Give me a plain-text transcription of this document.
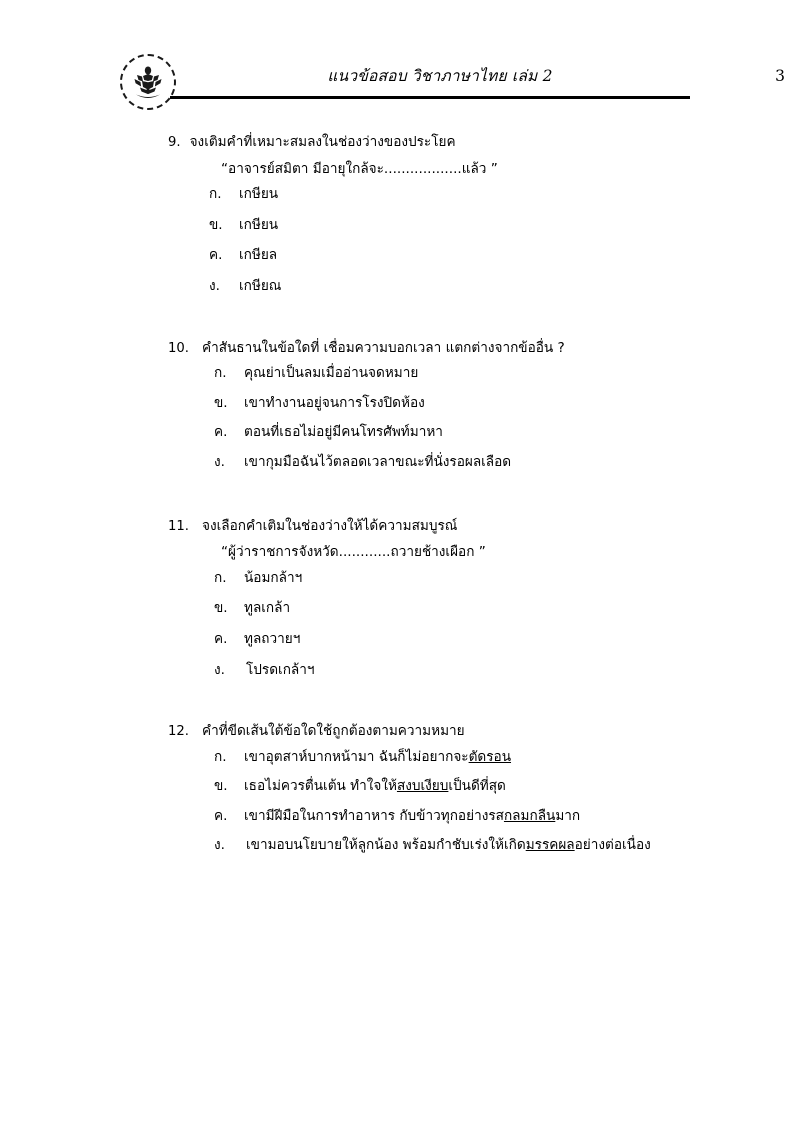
แนวข้อสอบ วิชาภาษาไทย เล่ม 2	3
9. จงเติมคำที่เหมาะสมลงในช่องว่างของประโยค
“อาจารย์สมิตา มีอายุใกล้จะ..................แล้ว ”
ก.	เกษียน
ข.	เกษียน
ค.	เกษียล
ง.	เกษียณ
10. คำสันธานในข้อใดที่ เชื่อมความบอกเวลา แตกต่างจากข้ออื่น ?
ก.	คุณย่าเป็นลมเมื่ออ่านจดหมาย
ข.	เขาทำงานอยู่จนการโรงปิดห้อง
ค.	ตอนที่เธอไม่อยู่มีคนโทรศัพท์มาหา
ง.	เขากุมมือฉันไว้ตลอดเวลาขณะที่นั่งรอผลเลือด
11. จงเลือกคำเติมในช่องว่างให้ได้ความสมบูรณ์
“ผู้ว่าราชการจังหวัด............ถวายช้างเผือก ”
ก.	น้อมกล้าฯ
ข.	ทูลเกล้า
ค.	ทูลถวายฯ
ง.	โปรดเกล้าฯ
12. คำที่ขีดเส้นใต้ข้อใดใช้ถูกต้องตามความหมาย
ก.	เขาอุตสาห์บากหน้ามา ฉันก็ไม่อยากจะตัดรอน
ข.	เธอไม่ควรตื่นเต้น ทำใจให้สงบเงียบเป็นดีที่สุด
ค.	เขามีฝีมือในการทำอาหาร กับข้าวทุกอย่างรสกลมกลืนมาก
ง.	เขามอบนโยบายให้ลูกน้อง พร้อมกำชับเร่งให้เกิดมรรคผลอย่างต่อเนื่อง
